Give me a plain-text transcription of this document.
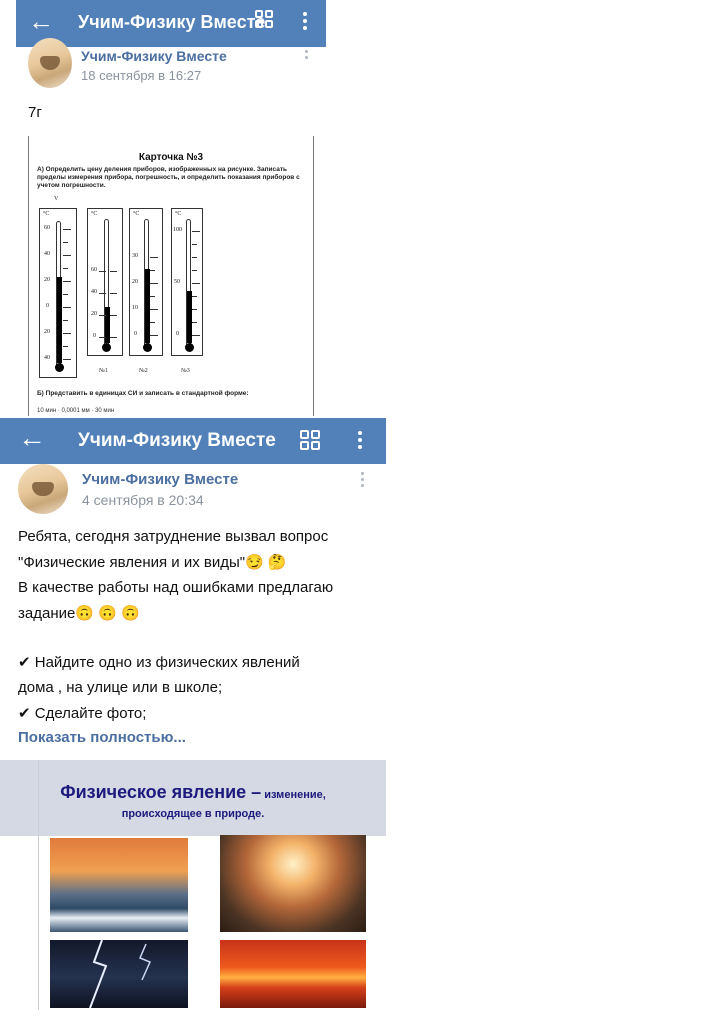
← Учим-Физику Вместе
Учим-Физику Вместе
18 сентября в 16:27
7г
Карточка №3
А) Определить цену деления приборов, изображенных на рисунке. Записать пределы измерения прибора, погрешность, и определить показания приборов с учетом погрешности.
V
°C
60
40
20
0
20
40
°C
60
40
20
0
№1
°C
30
20
10
0
№2
°C
100
50
0
№3
Б) Представить в единицах СИ и записать в стандартной форме:
10 мин · 0,0001 мм · 30 мин
← Учим-Физику Вместе
Учим-Физику Вместе
4 сентября в 20:34
Ребята, сегодня затруднение вызвал вопрос
"Физические явления и их виды"😏 🤔
В качестве работы над ошибками предлагаю
задание🙃 🙃 🙃
✔ Найдите одно из физических явлений
дома , на улице или в школе;
✔ Сделайте фото;
Показать полностью...
Физическое явление – изменение,
происходящее в природе.
